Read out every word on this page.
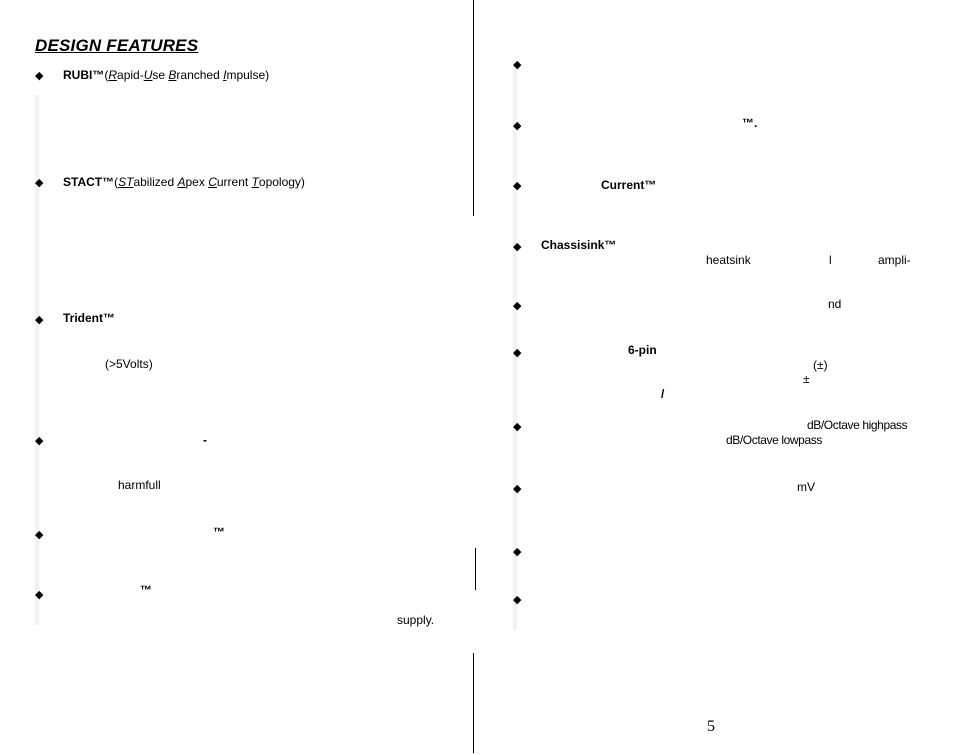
DESIGN FEATURES
◆ RUBI™(Rapid-Use Branched Impulse)
◆ STACT™(STabilized Apex Current Topology)
◆ Trident™
(>5Volts)
◆	-
harmfull
◆	™
◆	™
supply.
◆
◆	™.
◆	Current™
◆ Chassisink™
heatsink	l	ampli-
◆	nd
◆	6-pin
(±)
±
/
◆	dB/Octave highpass
dB/Octave lowpass
◆	mV
◆
◆
5
